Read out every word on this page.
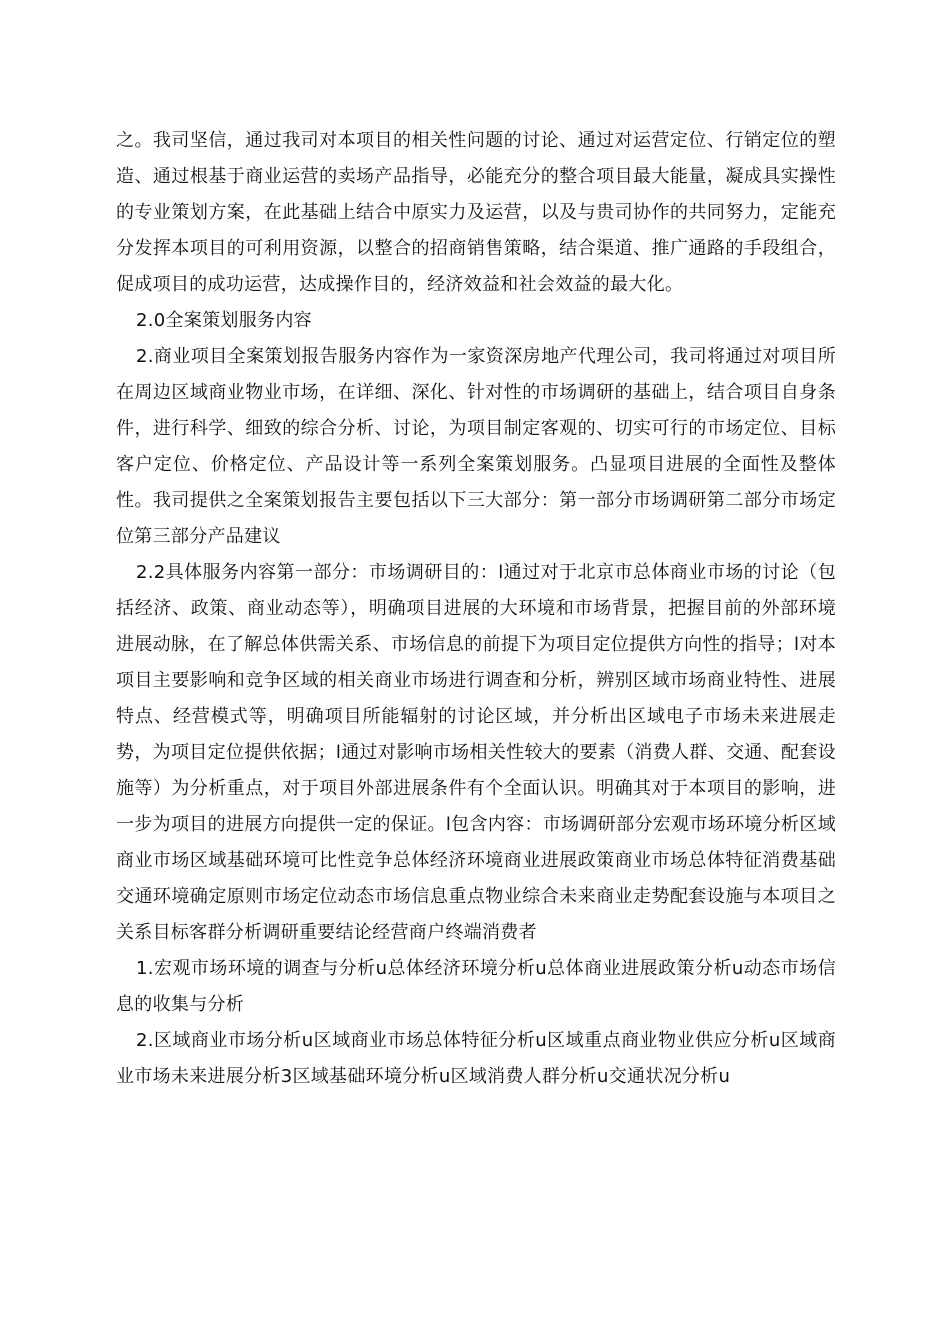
之。我司坚信，通过我司对本项目的相关性问题的讨论、通过对运营定位、行销定位的塑造、通过根基于商业运营的卖场产品指导，必能充分的整合项目最大能量，凝成具实操性的专业策划方案，在此基础上结合中原实力及运营，以及与贵司协作的共同努力，定能充分发挥本项目的可利用资源，以整合的招商销售策略，结合渠道、推广通路的手段组合，促成项目的成功运营，达成操作目的，经济效益和社会效益的最大化。

2.0全案策划服务内容

2.商业项目全案策划报告服务内容作为一家资深房地产代理公司，我司将通过对项目所在周边区域商业物业市场，在详细、深化、针对性的市场调研的基础上，结合项目自身条件，进行科学、细致的综合分析、讨论，为项目制定客观的、切实可行的市场定位、目标客户定位、价格定位、产品设计等一系列全案策划服务。凸显项目进展的全面性及整体性。我司提供之全案策划报告主要包括以下三大部分：第一部分市场调研第二部分市场定位第三部分产品建议

2.2具体服务内容第一部分：市场调研目的：l通过对于北京市总体商业市场的讨论（包括经济、政策、商业动态等），明确项目进展的大环境和市场背景，把握目前的外部环境进展动脉，在了解总体供需关系、市场信息的前提下为项目定位提供方向性的指导；l对本项目主要影响和竞争区域的相关商业市场进行调查和分析，辨别区域市场商业特性、进展特点、经营模式等，明确项目所能辐射的讨论区域，并分析出区域电子市场未来进展走势，为项目定位提供依据；l通过对影响市场相关性较大的要素（消费人群、交通、配套设施等）为分析重点，对于项目外部进展条件有个全面认识。明确其对于本项目的影响，进一步为项目的进展方向提供一定的保证。l包含内容：市场调研部分宏观市场环境分析区域商业市场区域基础环境可比性竞争总体经济环境商业进展政策商业市场总体特征消费基础交通环境确定原则市场定位动态市场信息重点物业综合未来商业走势配套设施与本项目之关系目标客群分析调研重要结论经营商户终端消费者

1.宏观市场环境的调查与分析u总体经济环境分析u总体商业进展政策分析u动态市场信息的收集与分析

2.区域商业市场分析u区域商业市场总体特征分析u区域重点商业物业供应分析u区域商业市场未来进展分析3区域基础环境分析u区域消费人群分析u交通状况分析u
